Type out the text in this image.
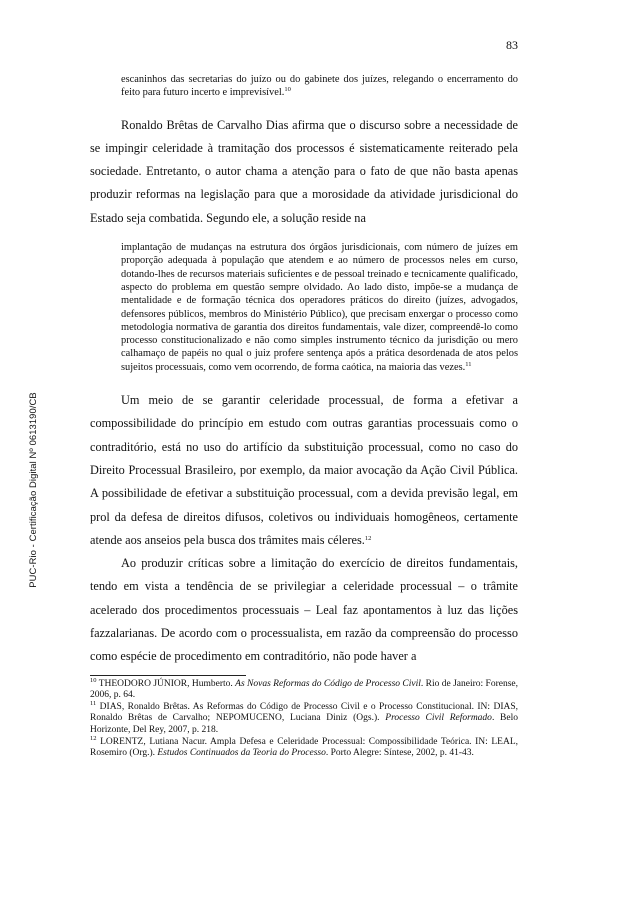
83
PUC-Rio - Certificação Digital Nº 0613190/CB

escaninhos das secretarias do juízo ou do gabinete dos juízes, relegando o encerramento do feito para futuro incerto e imprevisível.$^{10}$

Ronaldo Brêtas de Carvalho Dias afirma que o discurso sobre a necessidade de se impingir celeridade à tramitação dos processos é sistematicamente reiterado pela sociedade. Entretanto, o autor chama a atenção para o fato de que não basta apenas produzir reformas na legislação para que a morosidade da atividade jurisdicional do Estado seja combatida. Segundo ele, a solução reside na

implantação de mudanças na estrutura dos órgãos jurisdicionais, com número de juízes em proporção adequada à população que atendem e ao número de processos neles em curso, dotando-lhes de recursos materiais suficientes e de pessoal treinado e tecnicamente qualificado, aspecto do problema em questão sempre olvidado. Ao lado disto, impõe-se a mudança de mentalidade e de formação técnica dos operadores práticos do direito (juízes, advogados, defensores públicos, membros do Ministério Público), que precisam enxergar o processo como metodologia normativa de garantia dos direitos fundamentais, vale dizer, compreendê-lo como processo constitucionalizado e não como simples instrumento técnico da jurisdição ou mero calhamaço de papéis no qual o juiz profere sentença após a prática desordenada de atos pelos sujeitos processuais, como vem ocorrendo, de forma caótica, na maioria das vezes.$^{11}$

Um meio de se garantir celeridade processual, de forma a efetivar a compossibilidade do princípio em estudo com outras garantias processuais como o contraditório, está no uso do artifício da substituição processual, como no caso do Direito Processual Brasileiro, por exemplo, da maior avocação da Ação Civil Pública. A possibilidade de efetivar a substituição processual, com a devida previsão legal, em prol da defesa de direitos difusos, coletivos ou individuais homogêneos, certamente atende aos anseios pela busca dos trâmites mais céleres.$^{12}$

Ao produzir críticas sobre a limitação do exercício de direitos fundamentais, tendo em vista a tendência de se privilegiar a celeridade processual – o trâmite acelerado dos procedimentos processuais – Leal faz apontamentos à luz das lições fazzalarianas. De acordo com o processualista, em razão da compreensão do processo como espécie de procedimento em contraditório, não pode haver a

$^{10}$ THEODORO JÚNIOR, Humberto. As Novas Reformas do Código de Processo Civil. Rio de Janeiro: Forense, 2006, p. 64.

$^{11}$ DIAS, Ronaldo Brêtas. As Reformas do Código de Processo Civil e o Processo Constitucional. IN: DIAS, Ronaldo Brêtas de Carvalho; NEPOMUCENO, Luciana Diniz (Ogs.). Processo Civil Reformado. Belo Horizonte, Del Rey, 2007, p. 218.

$^{12}$ LORENTZ, Lutiana Nacur. Ampla Defesa e Celeridade Processual: Compossibilidade Teórica. IN: LEAL, Rosemiro (Org.). Estudos Continuados da Teoria do Processo. Porto Alegre: Síntese, 2002, p. 41-43.
